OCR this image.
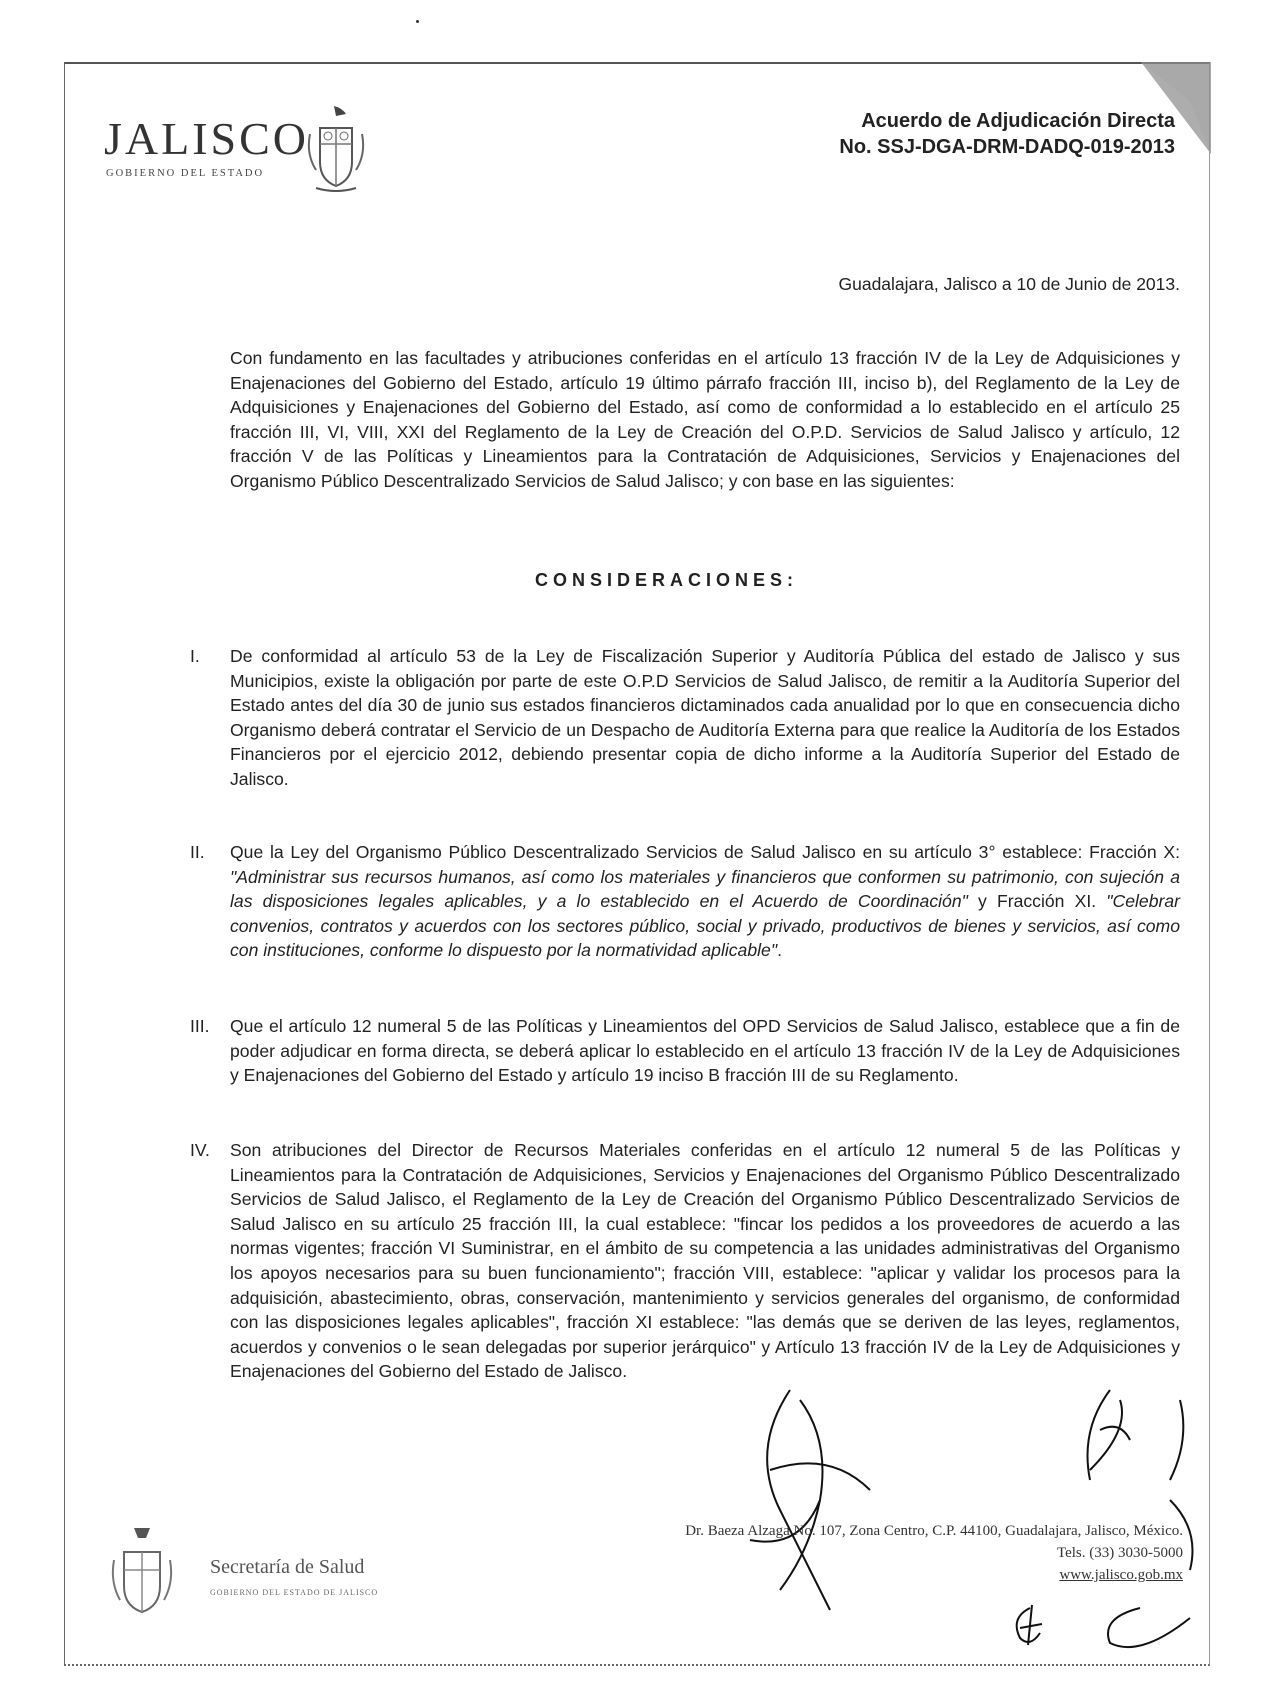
JALISCO
GOBIERNO DEL ESTADO
Acuerdo de Adjudicación Directa
No. SSJ-DGA-DRM-DADQ-019-2013
Guadalajara, Jalisco a 10 de Junio de 2013.
Con fundamento en las facultades y atribuciones conferidas en el artículo 13 fracción IV de la Ley de Adquisiciones y Enajenaciones del Gobierno del Estado, artículo 19 último párrafo fracción III, inciso b), del Reglamento de la Ley de Adquisiciones y Enajenaciones del Gobierno del Estado, así como de conformidad a lo establecido en el artículo 25 fracción III, VI, VIII, XXI del Reglamento de la Ley de Creación del O.P.D. Servicios de Salud Jalisco y artículo, 12 fracción V de las Políticas y Lineamientos para la Contratación de Adquisiciones, Servicios y Enajenaciones del Organismo Público Descentralizado Servicios de Salud Jalisco; y con base en las siguientes:
CONSIDERACIONES:
I.	De conformidad al artículo 53 de la Ley de Fiscalización Superior y Auditoría Pública del estado de Jalisco y sus Municipios, existe la obligación por parte de este O.P.D Servicios de Salud Jalisco, de remitir a la Auditoría Superior del Estado antes del día 30 de junio sus estados financieros dictaminados cada anualidad por lo que en consecuencia dicho Organismo deberá contratar el Servicio de un Despacho de Auditoría Externa para que realice la Auditoría de los Estados Financieros por el ejercicio 2012, debiendo presentar copia de dicho informe a la Auditoría Superior del Estado de Jalisco.
II.	Que la Ley del Organismo Público Descentralizado Servicios de Salud Jalisco en su artículo 3° establece: Fracción X: "Administrar sus recursos humanos, así como los materiales y financieros que conformen su patrimonio, con sujeción a las disposiciones legales aplicables, y a lo establecido en el Acuerdo de Coordinación" y Fracción XI. "Celebrar convenios, contratos y acuerdos con los sectores público, social y privado, productivos de bienes y servicios, así como con instituciones, conforme lo dispuesto por la normatividad aplicable".
III.	Que el artículo 12 numeral 5 de las Políticas y Lineamientos del OPD Servicios de Salud Jalisco, establece que a fin de poder adjudicar en forma directa, se deberá aplicar lo establecido en el artículo 13 fracción IV de la Ley de Adquisiciones y Enajenaciones del Gobierno del Estado y artículo 19 inciso B fracción III de su Reglamento.
IV.	Son atribuciones del Director de Recursos Materiales conferidas en el artículo 12 numeral 5 de las Políticas y Lineamientos para la Contratación de Adquisiciones, Servicios y Enajenaciones del Organismo Público Descentralizado Servicios de Salud Jalisco, el Reglamento de la Ley de Creación del Organismo Público Descentralizado Servicios de Salud Jalisco en su artículo 25 fracción III, la cual establece: "fincar los pedidos a los proveedores de acuerdo a las normas vigentes; fracción VI Suministrar, en el ámbito de su competencia a las unidades administrativas del Organismo los apoyos necesarios para su buen funcionamiento"; fracción VIII, establece: "aplicar y validar los procesos para la adquisición, abastecimiento, obras, conservación, mantenimiento y servicios generales del organismo, de conformidad con las disposiciones legales aplicables", fracción XI establece: "las demás que se deriven de las leyes, reglamentos, acuerdos y convenios o le sean delegadas por superior jerárquico" y Artículo 13 fracción IV de la Ley de Adquisiciones y Enajenaciones del Gobierno del Estado de Jalisco.
Dr. Baeza Alzaga No. 107, Zona Centro, C.P. 44100, Guadalajara, Jalisco, México.
Tels. (33) 3030-5000
www.jalisco.gob.mx
Secretaría de Salud
GOBIERNO DEL ESTADO DE JALISCO
